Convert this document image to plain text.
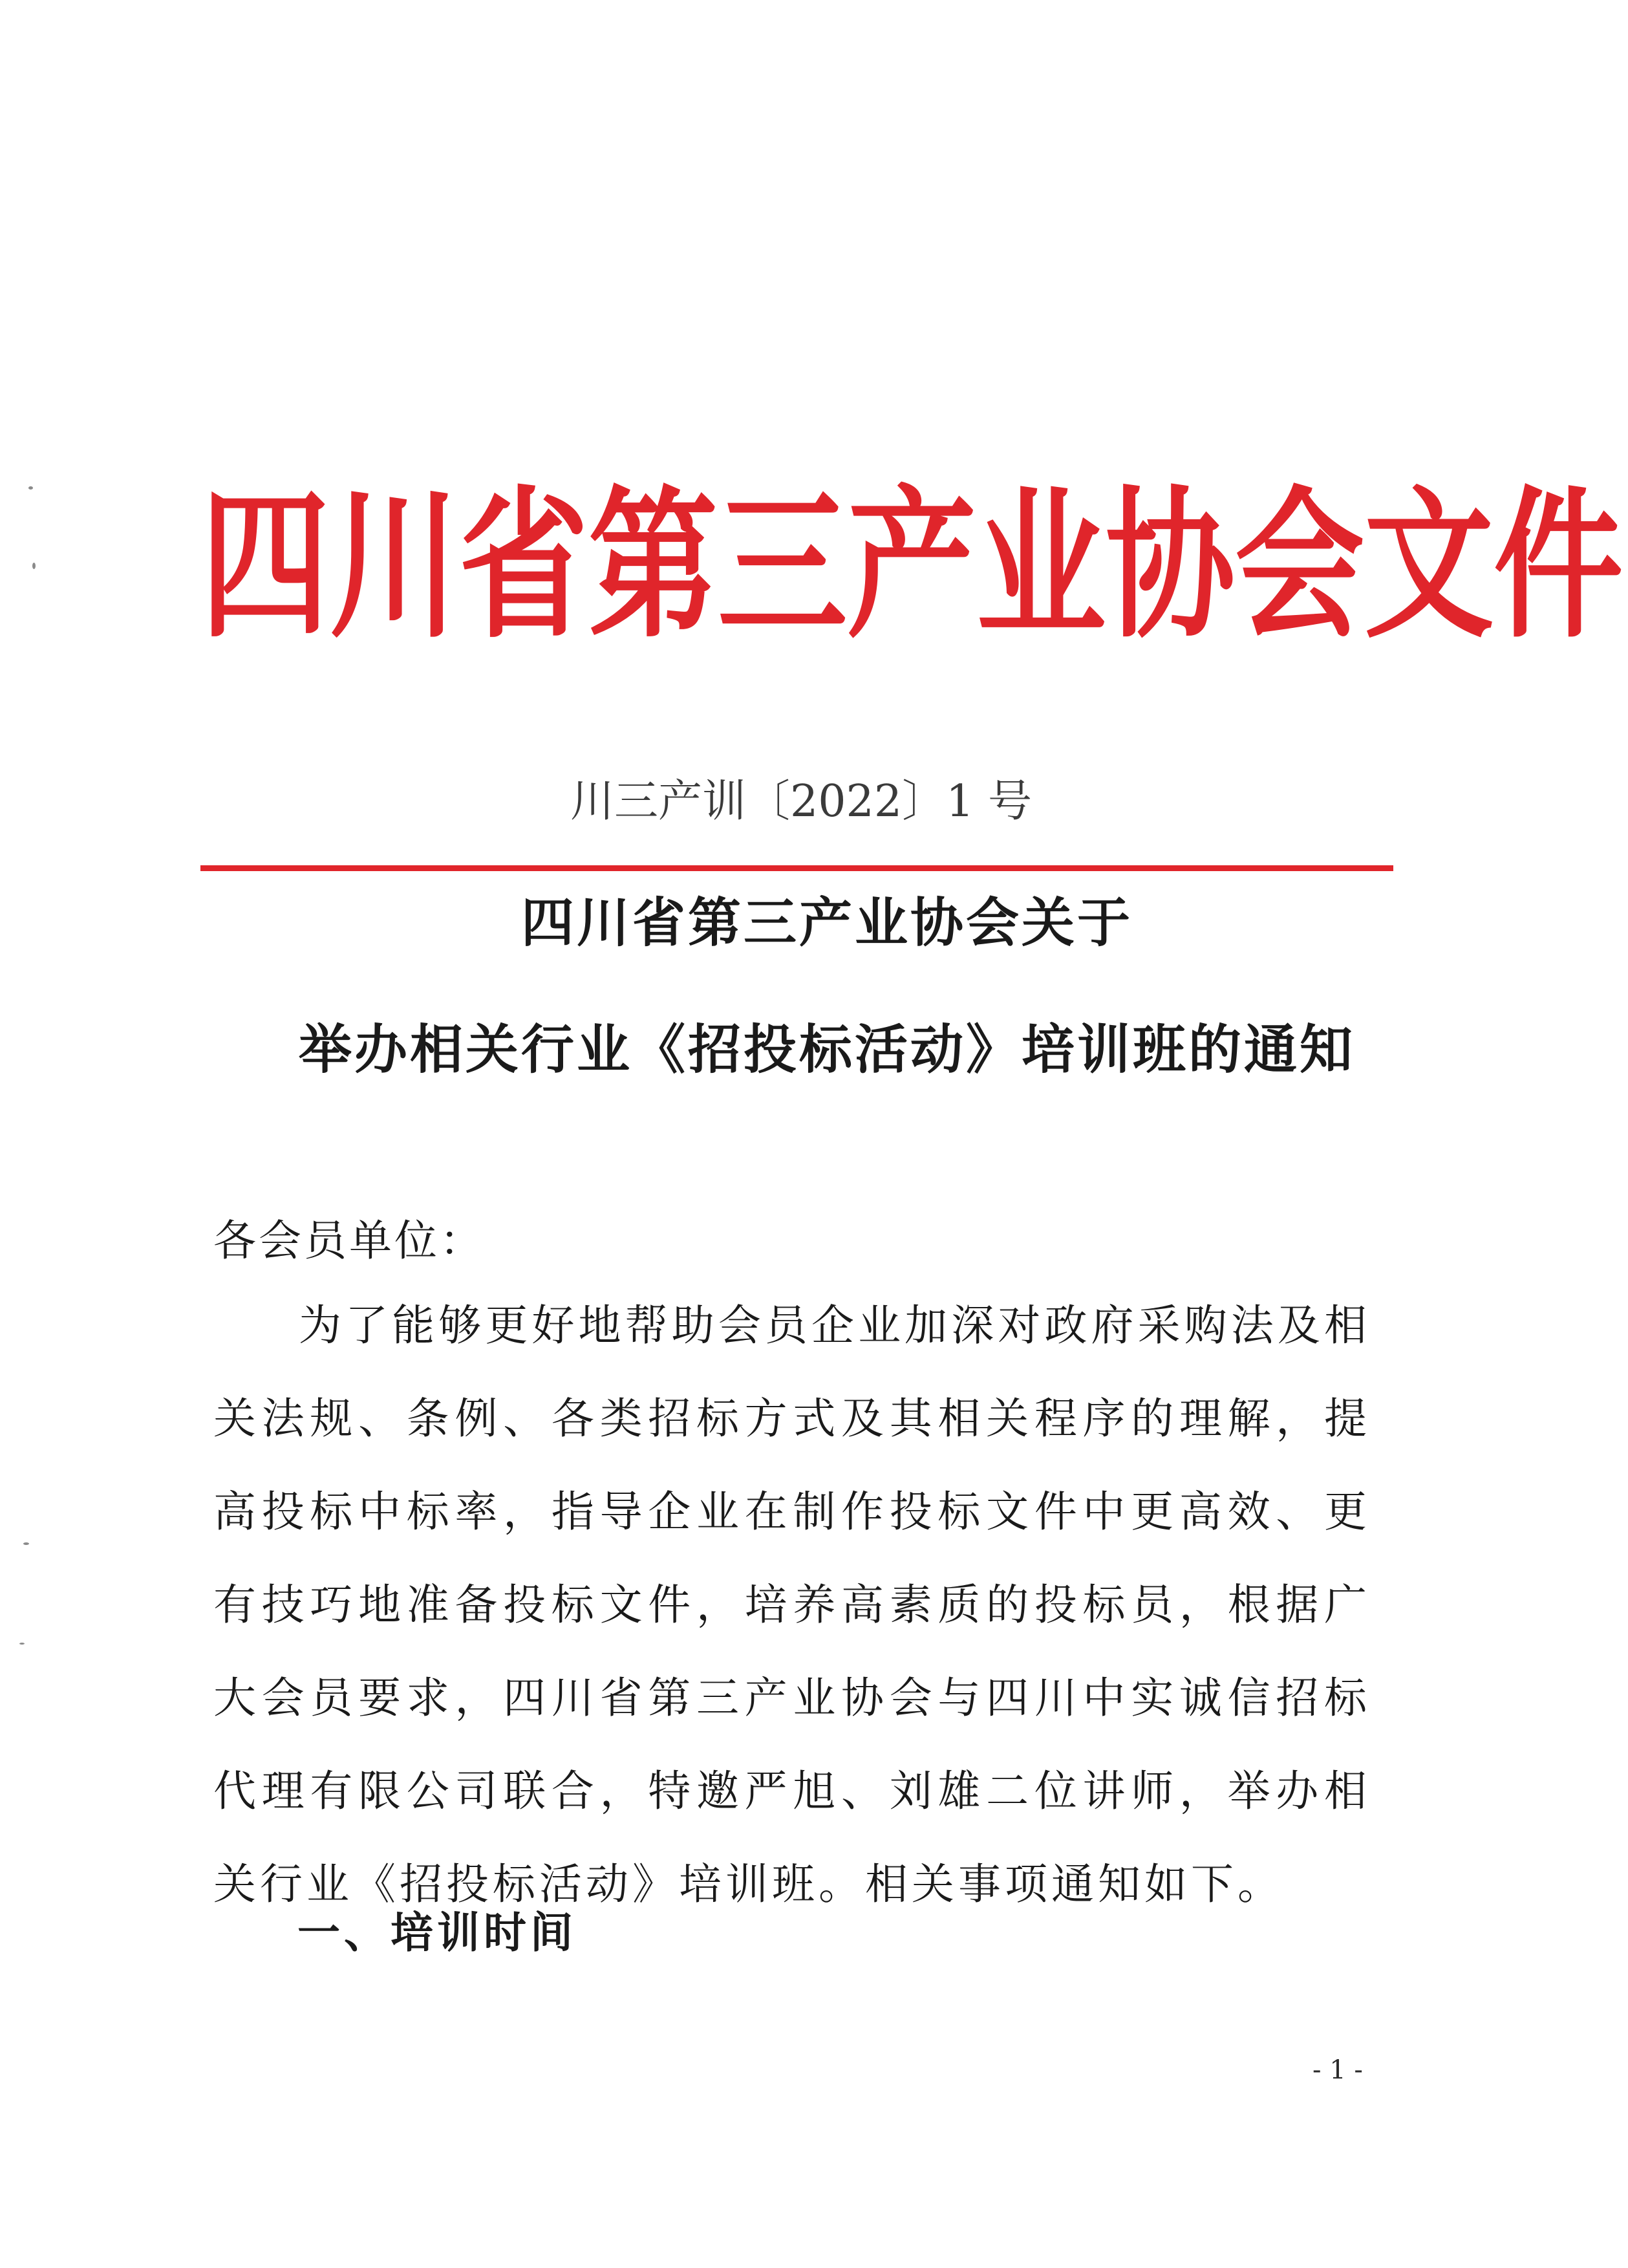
四 川 省 第 三 产 业 协 会 文 件
川三产训〔2022〕1 号
四川省第三产业协会关于
举办相关行业《招投标活动》培训班的通知
各会员单位：
为了能够更好地帮助会员企业加深对政府采购法及相关法规、条例、各类招标方式及其相关程序的理解，提高投标中标率，指导企业在制作投标文件中更高效、更有技巧地准备投标文件，培养高素质的投标员，根据广大会员要求，四川省第三产业协会与四川中实诚信招标代理有限公司联合，特邀严旭、刘雄二位讲师，举办相关行业《招投标活动》培训班。相关事项通知如下。
一、培训时间
- 1 -
